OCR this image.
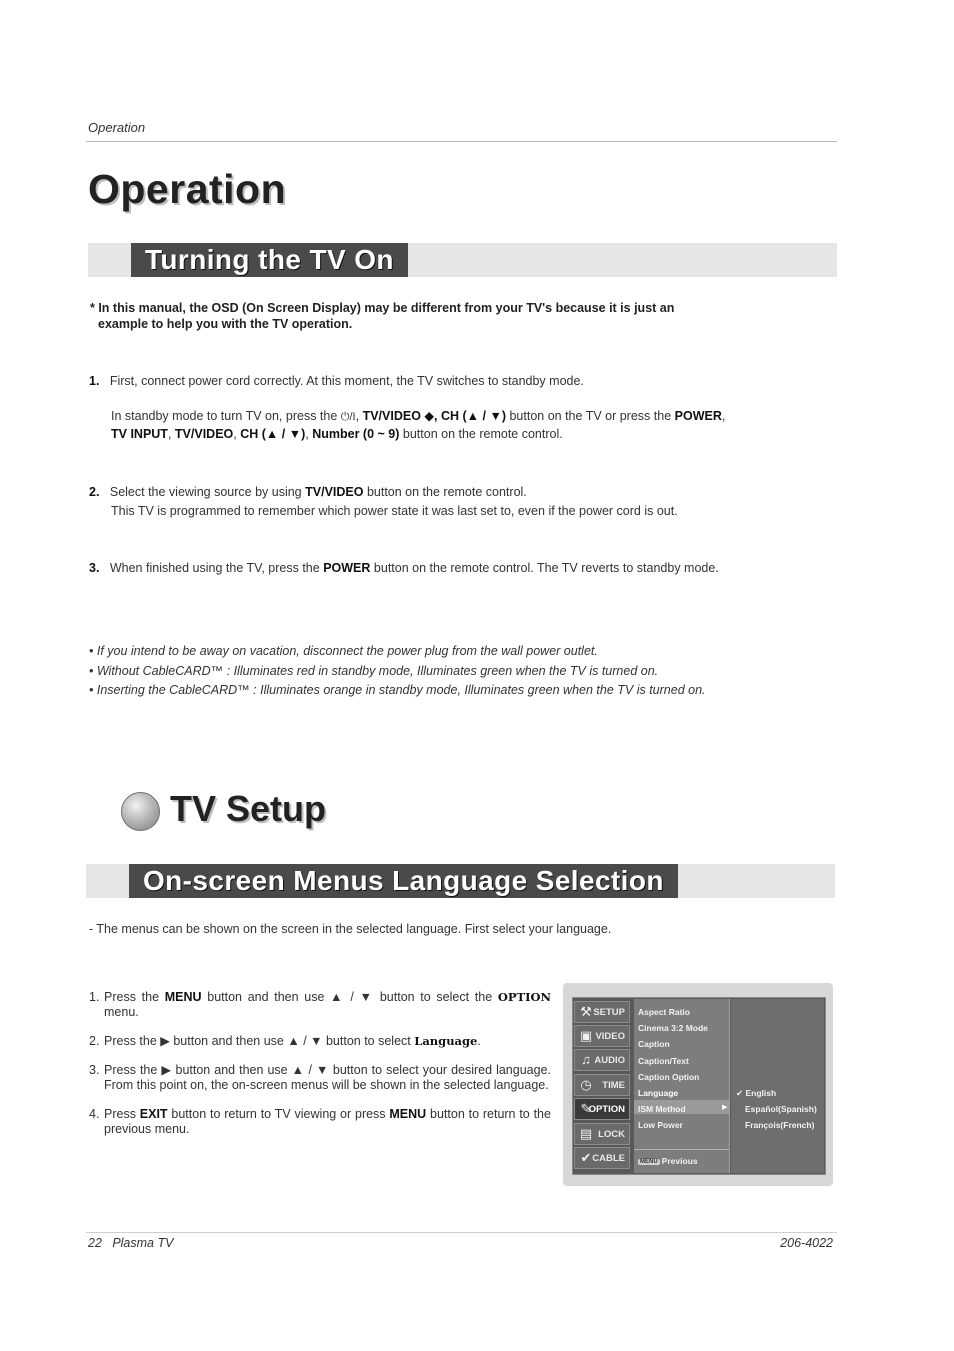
Operation
Operation
Turning the TV On
* In this manual, the OSD (On Screen Display) may be different from your TV's because it is just an
example to help you with the TV operation.
1. First, connect power cord correctly. At this moment, the TV switches to standby mode.
In standby mode to turn TV on, press the ⏻/I, TV/VIDEO ◆, CH (▲ / ▼) button on the TV or press the POWER,
TV INPUT, TV/VIDEO, CH (▲ / ▼), Number (0 ~ 9) button on the remote control.
2. Select the viewing source by using TV/VIDEO button on the remote control.
This TV is programmed to remember which power state it was last set to, even if the power cord is out.
3. When finished using the TV, press the POWER button on the remote control. The TV reverts to standby mode.
• If you intend to be away on vacation, disconnect the power plug from the wall power outlet.
• Without CableCARD™ : Illuminates red in standby mode, Illuminates green when the TV is turned on.
• Inserting the CableCARD™ : Illuminates orange in standby mode, Illuminates green when the TV is turned on.
TV Setup
On-screen Menus Language Selection
- The menus can be shown on the screen in the selected language. First select your language.
1. Press the MENU button and then use ▲ / ▼ button to select the OPTION menu.
2. Press the ▶ button and then use ▲ / ▼ button to select Language.
3. Press the ▶ button and then use ▲ / ▼ button to select your desired language. From this point on, the on-screen menus will be shown in the selected language.
4. Press EXIT button to return to TV viewing or press MENU button to return to the previous menu.
⚒ SETUP
▣ VIDEO
♫ AUDIO
◷ TIME
✎
OPTION
▤ LOCK
✔ CABLE
Aspect Ratio
Cinema 3:2 Mode
Caption
Caption/Text
Caption Option
Language
▶
ISM Method
Low Power
MENU Previous
✔ English
Español(Spanish)
François(French)
22   Plasma TV	206-4022
